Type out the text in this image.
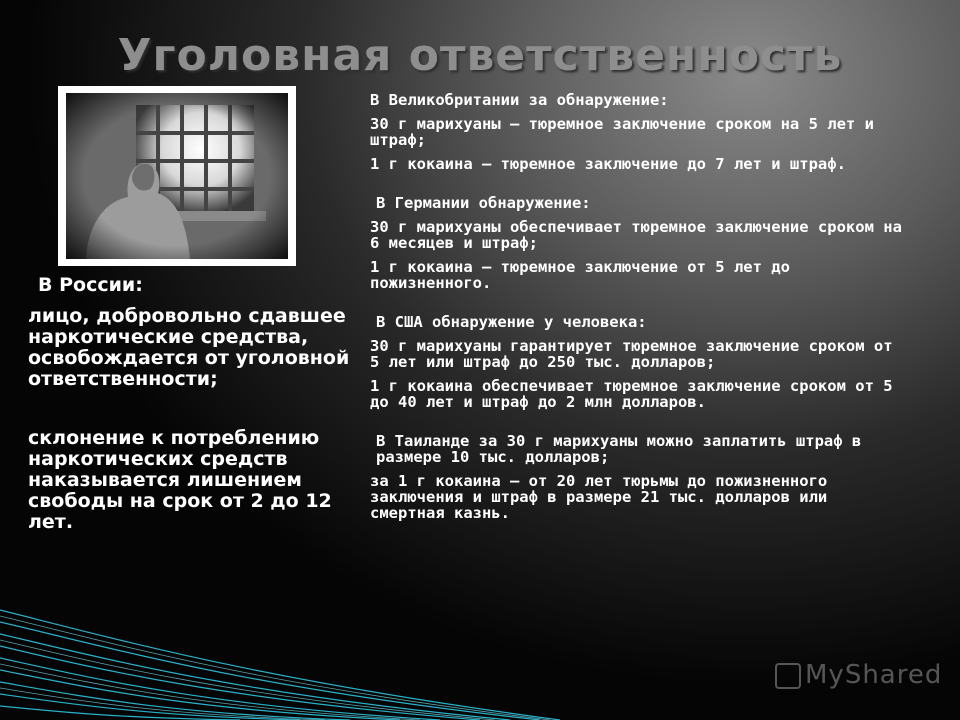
Уголовная ответственность
В России:
лицо, добровольно сдавшее наркотические средства, освобождается от уголовной ответственности;
склонение к потреблению наркотических средств наказывается лишением свободы на срок от 2 до 12 лет.
В Великобритании за обнаружение:
30 г марихуаны – тюремное заключение сроком на 5 лет и штраф;
1 г кокаина – тюремное заключение до 7 лет и штраф.
В Германии обнаружение:
30 г марихуаны обеспечивает тюремное заключение сроком на 6 месяцев и штраф;
1 г кокаина – тюремное заключение от 5 лет до пожизненного.
В США обнаружение у человека:
30 г марихуаны гарантирует тюремное заключение сроком от 5 лет или штраф до 250 тыс. долларов;
1 г кокаина обеспечивает тюремное заключение сроком от 5 до 40 лет и штраф до 2 млн долларов.
В Таиланде за 30 г марихуаны можно заплатить штраф в размере 10 тыс. долларов;
за 1 г кокаина – от 20 лет тюрьмы до пожизненного заключения и штраф в размере 21 тыс. долларов или смертная казнь.
MyShared
